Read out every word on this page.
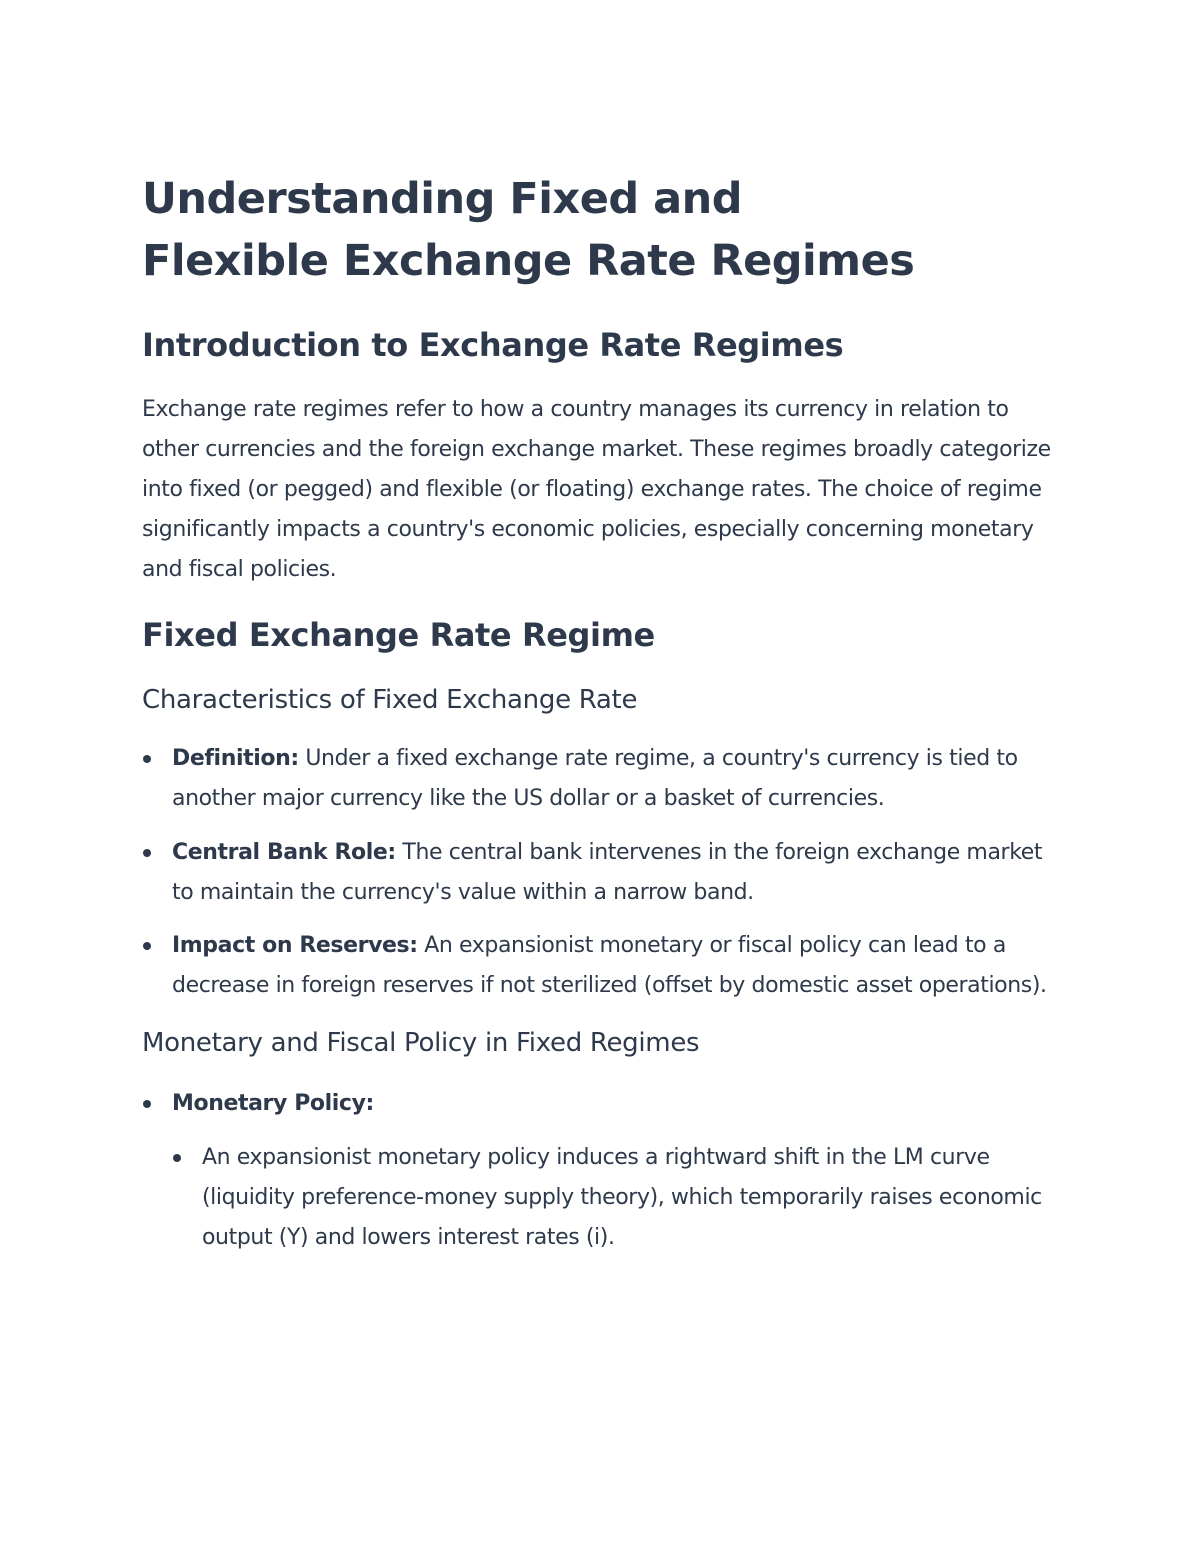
Understanding Fixed and Flexible Exchange Rate Regimes
Introduction to Exchange Rate Regimes

Exchange rate regimes refer to how a country manages its currency in relation to other currencies and the foreign exchange market. These regimes broadly categorize into fixed (or pegged) and flexible (or floating) exchange rates. The choice of regime significantly impacts a country's economic policies, especially concerning monetary and fiscal policies.

Fixed Exchange Rate Regime
Characteristics of Fixed Exchange Rate
Definition: Under a fixed exchange rate regime, a country's currency is tied to another major currency like the US dollar or a basket of currencies.
Central Bank Role: The central bank intervenes in the foreign exchange market to maintain the currency's value within a narrow band.
Impact on Reserves: An expansionist monetary or fiscal policy can lead to a decrease in foreign reserves if not sterilized (offset by domestic asset operations).
Monetary and Fiscal Policy in Fixed Regimes
Monetary Policy:
An expansionist monetary policy induces a rightward shift in the LM curve (liquidity preference-money supply theory), which temporarily raises economic output (Y) and lowers interest rates (i).
